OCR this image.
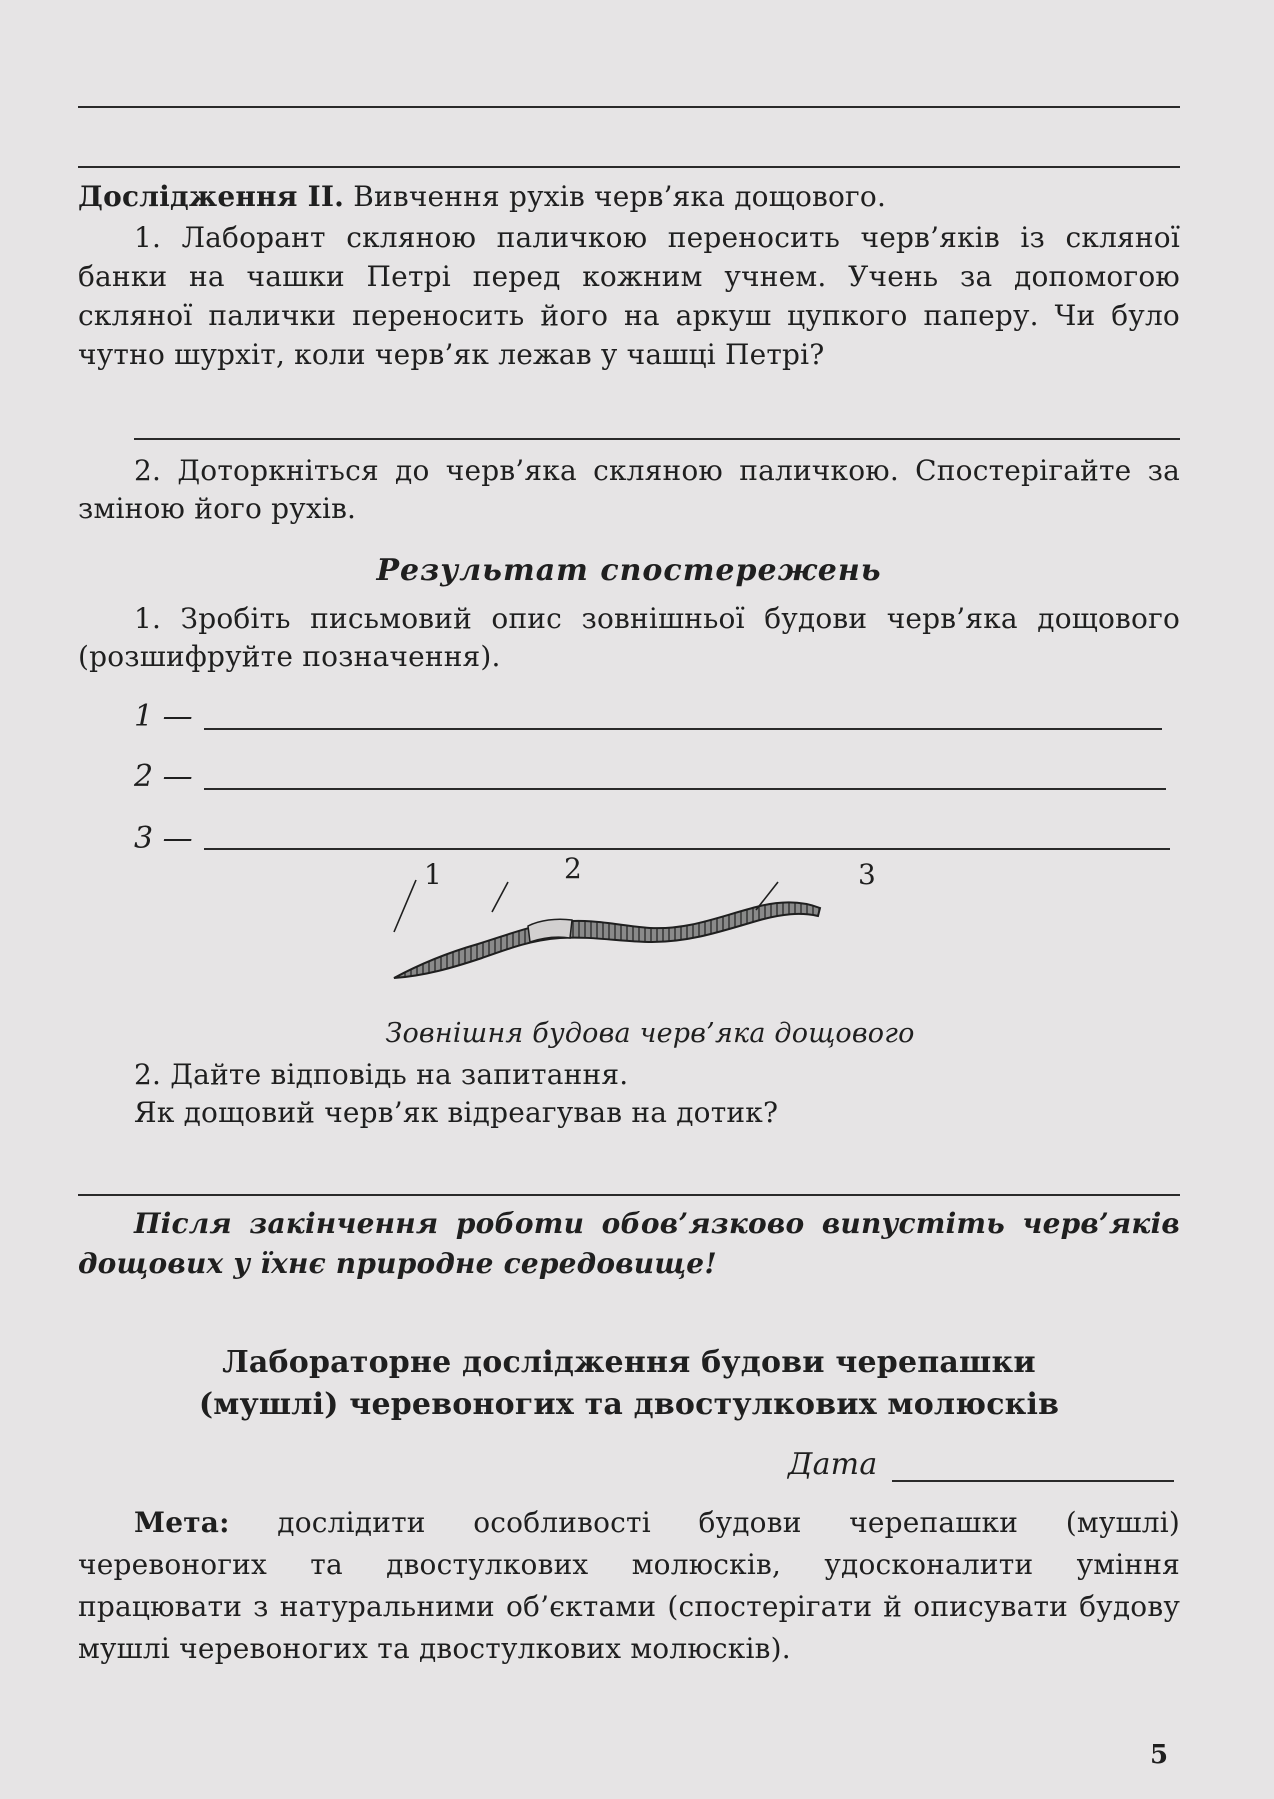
Дослідження ІІ. Вивчення рухів черв’яка дощового.

1. Лаборант скляною паличкою переносить черв’яків із скляної банки на чашки Петрі перед кожним учнем. Учень за допомогою скляної палички переносить його на аркуш цупкого паперу. Чи було чутно шурхіт, коли черв’як лежав у чашці Петрі?

2. Доторкніться до черв’яка скляною паличкою. Спостерігайте за зміною його рухів.

Результат спостережень

1. Зробіть письмовий опис зовнішньої будови черв’яка дощового (розшифруйте позначення).

1 —
2 —
3 —
1	2	3

Зовнішня будова черв’яка дощового

2. Дайте відповідь на запитання.

Як дощовий черв’як відреагував на дотик?

Після закінчення роботи обов’язково випустіть черв’яків дощових у їхнє природне середовище!

Лабораторне дослідження будови черепашки

(мушлі) черевоногих та двостулкових молюсків

Дата

Мета: дослідити особливості будови черепашки (мушлі) черевоногих та двостулкових молюсків, удосконалити уміння працювати з натуральними об’єктами (спостерігати й описувати будову мушлі черевоногих та двостулкових молюсків).

5
